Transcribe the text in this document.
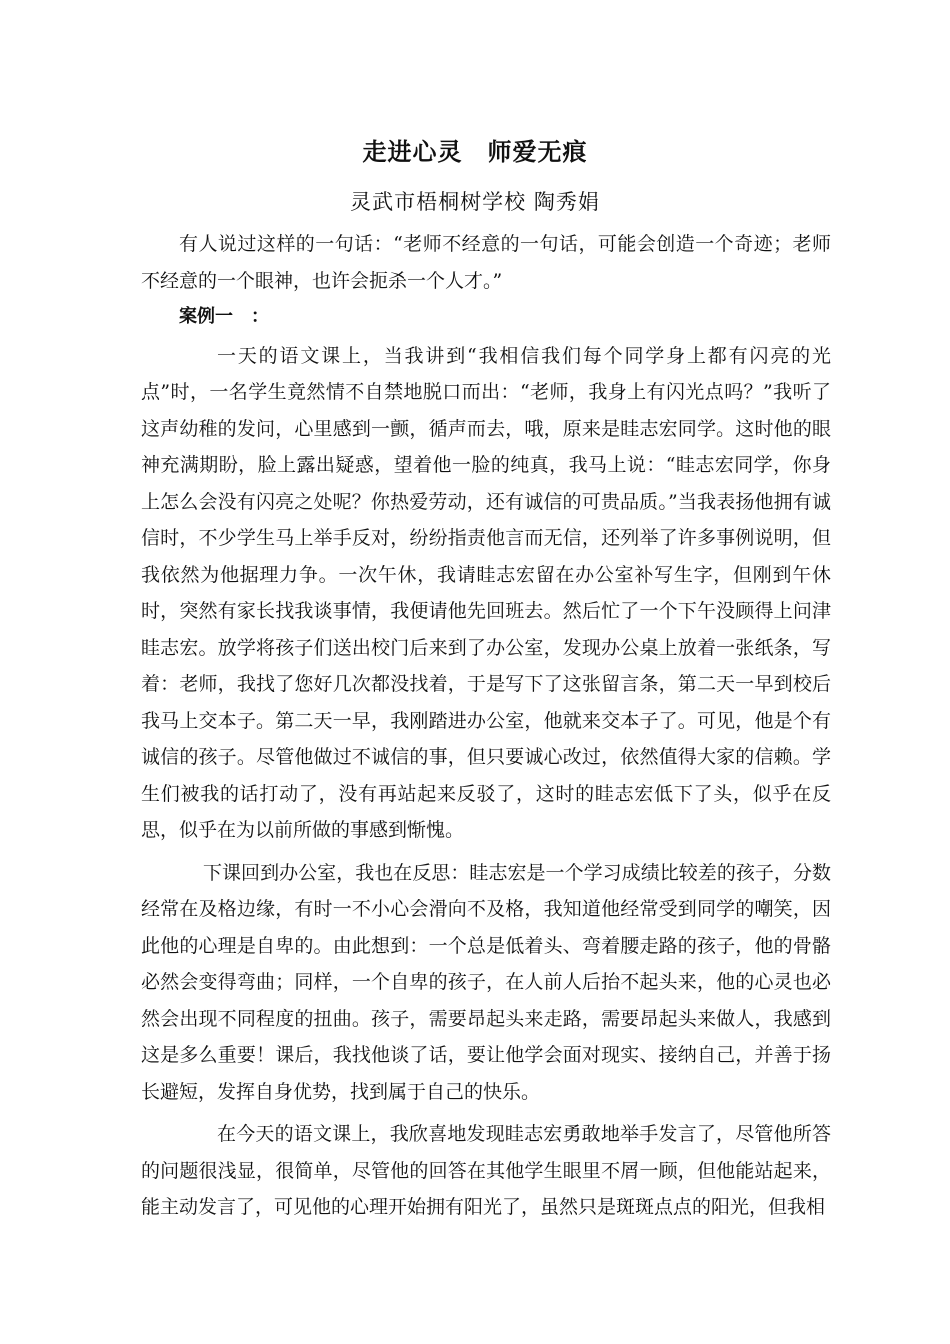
走进心灵　师爱无痕
灵武市梧桐树学校 陶秀娟

有人说过这样的一句话：“老师不经意的一句话，可能会创造一个奇迹；老师不经意的一个眼神，也许会扼杀一个人才。”

案例一　：

一天的语文课上，当我讲到“我相信我们每个同学身上都有闪亮的光点”时，一名学生竟然情不自禁地脱口而出：“老师，我身上有闪光点吗？”我听了这声幼稚的发问，心里感到一颤，循声而去，哦，原来是眭志宏同学。这时他的眼神充满期盼，脸上露出疑惑，望着他一脸的纯真，我马上说：“眭志宏同学，你身上怎么会没有闪亮之处呢？你热爱劳动，还有诚信的可贵品质。”当我表扬他拥有诚信时，不少学生马上举手反对，纷纷指责他言而无信，还列举了许多事例说明，但我依然为他据理力争。一次午休，我请眭志宏留在办公室补写生字，但刚到午休时，突然有家长找我谈事情，我便请他先回班去。然后忙了一个下午没顾得上问津眭志宏。放学将孩子们送出校门后来到了办公室，发现办公桌上放着一张纸条，写着：老师，我找了您好几次都没找着，于是写下了这张留言条，第二天一早到校后我马上交本子。第二天一早，我刚踏进办公室，他就来交本子了。可见，他是个有诚信的孩子。尽管他做过不诚信的事，但只要诚心改过，依然值得大家的信赖。学生们被我的话打动了，没有再站起来反驳了，这时的眭志宏低下了头，似乎在反思，似乎在为以前所做的事感到惭愧。

下课回到办公室，我也在反思：眭志宏是一个学习成绩比较差的孩子，分数经常在及格边缘，有时一不小心会滑向不及格，我知道他经常受到同学的嘲笑，因此他的心理是自卑的。由此想到：一个总是低着头、弯着腰走路的孩子，他的骨骼必然会变得弯曲；同样，一个自卑的孩子，在人前人后抬不起头来，他的心灵也必然会出现不同程度的扭曲。孩子，需要昂起头来走路，需要昂起头来做人，我感到这是多么重要！课后，我找他谈了话，要让他学会面对现实、接纳自己，并善于扬长避短，发挥自身优势，找到属于自己的快乐。

在今天的语文课上，我欣喜地发现眭志宏勇敢地举手发言了，尽管他所答的问题很浅显，很简单，尽管他的回答在其他学生眼里不屑一顾，但他能站起来，能主动发言了，可见他的心理开始拥有阳光了，虽然只是斑斑点点的阳光，但我相
